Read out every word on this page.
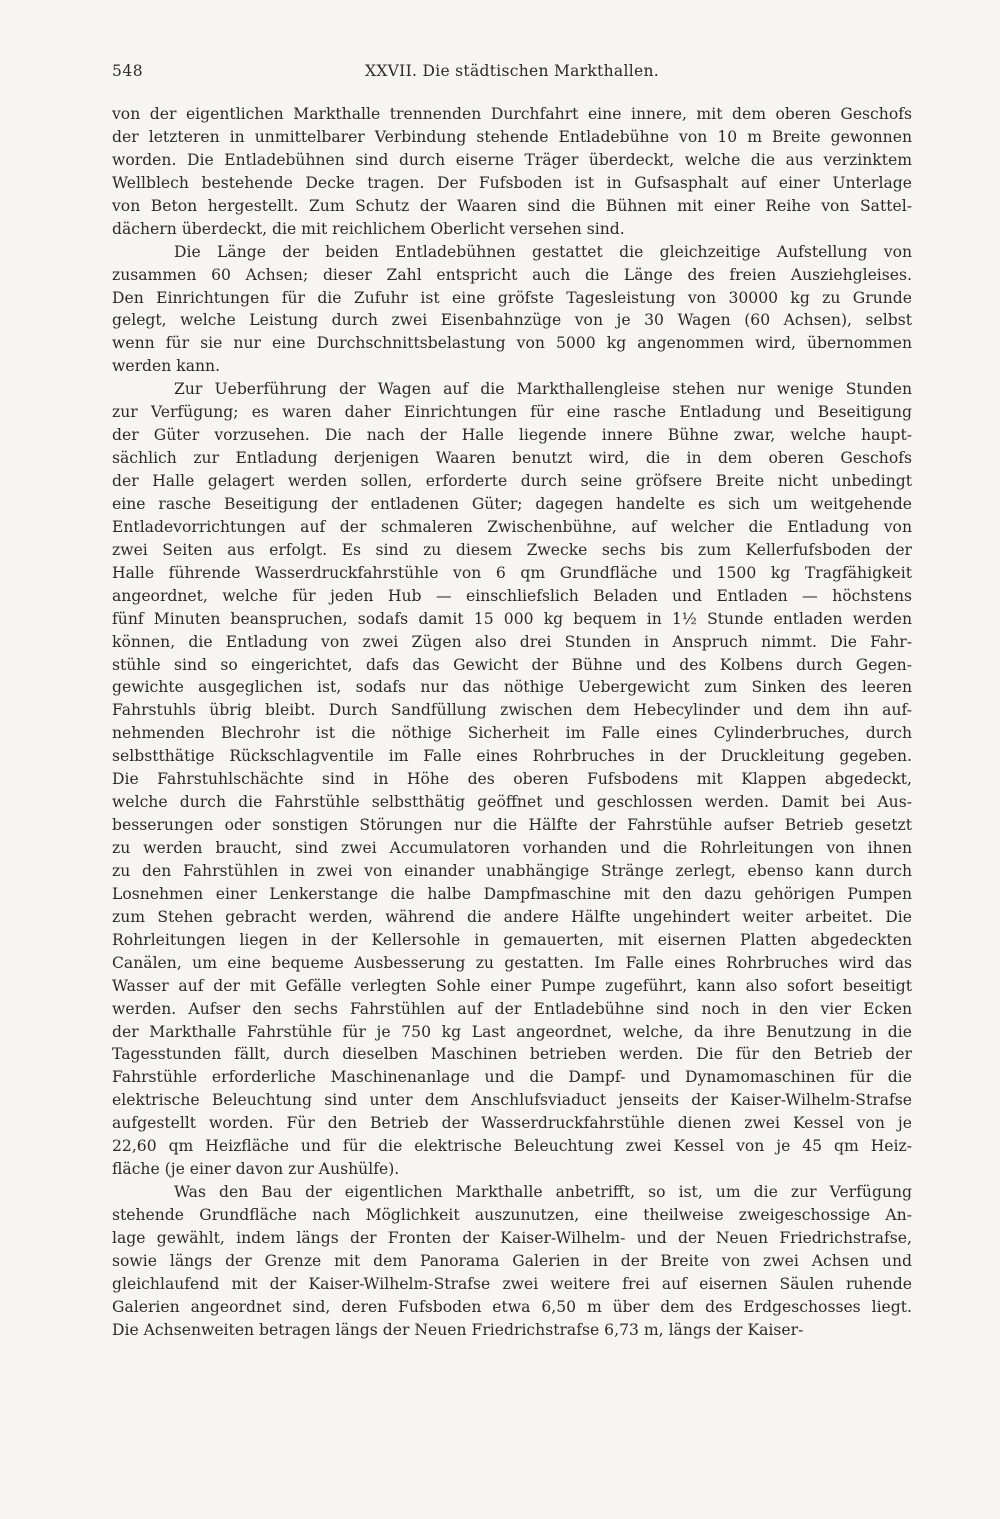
548	XXVII. Die städtischen Markthallen.
von der eigentlichen Markthalle trennenden Durchfahrt eine innere, mit dem oberen Geschofs
der letzteren in unmittelbarer Verbindung stehende Entladebühne von 10 m Breite gewonnen
worden. Die Entladebühnen sind durch eiserne Träger überdeckt, welche die aus verzinktem
Wellblech bestehende Decke tragen. Der Fufsboden ist in Gufsasphalt auf einer Unterlage
von Beton hergestellt. Zum Schutz der Waaren sind die Bühnen mit einer Reihe von Sattel-
dächern überdeckt, die mit reichlichem Oberlicht versehen sind.
Die Länge der beiden Entladebühnen gestattet die gleichzeitige Aufstellung von
zusammen 60 Achsen; dieser Zahl entspricht auch die Länge des freien Ausziehgleises.
Den Einrichtungen für die Zufuhr ist eine gröfste Tagesleistung von 30000 kg zu Grunde
gelegt, welche Leistung durch zwei Eisenbahnzüge von je 30 Wagen (60 Achsen), selbst
wenn für sie nur eine Durchschnittsbelastung von 5000 kg angenommen wird, übernommen
werden kann.
Zur Ueberführung der Wagen auf die Markthallengleise stehen nur wenige Stunden
zur Verfügung; es waren daher Einrichtungen für eine rasche Entladung und Beseitigung
der Güter vorzusehen. Die nach der Halle liegende innere Bühne zwar, welche haupt-
sächlich zur Entladung derjenigen Waaren benutzt wird, die in dem oberen Geschofs
der Halle gelagert werden sollen, erforderte durch seine gröfsere Breite nicht unbedingt
eine rasche Beseitigung der entladenen Güter; dagegen handelte es sich um weitgehende
Entladevorrichtungen auf der schmaleren Zwischenbühne, auf welcher die Entladung von
zwei Seiten aus erfolgt. Es sind zu diesem Zwecke sechs bis zum Kellerfufsboden der
Halle führende Wasserdruckfahrstühle von 6 qm Grundfläche und 1500 kg Tragfähigkeit
angeordnet, welche für jeden Hub — einschliefslich Beladen und Entladen — höchstens
fünf Minuten beanspruchen, sodafs damit 15 000 kg bequem in 1½ Stunde entladen werden
können, die Entladung von zwei Zügen also drei Stunden in Anspruch nimmt. Die Fahr-
stühle sind so eingerichtet, dafs das Gewicht der Bühne und des Kolbens durch Gegen-
gewichte ausgeglichen ist, sodafs nur das nöthige Uebergewicht zum Sinken des leeren
Fahrstuhls übrig bleibt. Durch Sandfüllung zwischen dem Hebecylinder und dem ihn auf-
nehmenden Blechrohr ist die nöthige Sicherheit im Falle eines Cylinderbruches, durch
selbstthätige Rückschlagventile im Falle eines Rohrbruches in der Druckleitung gegeben.
Die Fahrstuhlschächte sind in Höhe des oberen Fufsbodens mit Klappen abgedeckt,
welche durch die Fahrstühle selbstthätig geöffnet und geschlossen werden. Damit bei Aus-
besserungen oder sonstigen Störungen nur die Hälfte der Fahrstühle aufser Betrieb gesetzt
zu werden braucht, sind zwei Accumulatoren vorhanden und die Rohrleitungen von ihnen
zu den Fahrstühlen in zwei von einander unabhängige Stränge zerlegt, ebenso kann durch
Losnehmen einer Lenkerstange die halbe Dampfmaschine mit den dazu gehörigen Pumpen
zum Stehen gebracht werden, während die andere Hälfte ungehindert weiter arbeitet. Die
Rohrleitungen liegen in der Kellersohle in gemauerten, mit eisernen Platten abgedeckten
Canälen, um eine bequeme Ausbesserung zu gestatten. Im Falle eines Rohrbruches wird das
Wasser auf der mit Gefälle verlegten Sohle einer Pumpe zugeführt, kann also sofort beseitigt
werden. Aufser den sechs Fahrstühlen auf der Entladebühne sind noch in den vier Ecken
der Markthalle Fahrstühle für je 750 kg Last angeordnet, welche, da ihre Benutzung in die
Tagesstunden fällt, durch dieselben Maschinen betrieben werden. Die für den Betrieb der
Fahrstühle erforderliche Maschinenanlage und die Dampf- und Dynamomaschinen für die
elektrische Beleuchtung sind unter dem Anschlufsviaduct jenseits der Kaiser-Wilhelm-Strafse
aufgestellt worden. Für den Betrieb der Wasserdruckfahrstühle dienen zwei Kessel von je
22,60 qm Heizfläche und für die elektrische Beleuchtung zwei Kessel von je 45 qm Heiz-
fläche (je einer davon zur Aushülfe).
Was den Bau der eigentlichen Markthalle anbetrifft, so ist, um die zur Verfügung
stehende Grundfläche nach Möglichkeit auszunutzen, eine theilweise zweigeschossige An-
lage gewählt, indem längs der Fronten der Kaiser-Wilhelm- und der Neuen Friedrichstrafse,
sowie längs der Grenze mit dem Panorama Galerien in der Breite von zwei Achsen und
gleichlaufend mit der Kaiser-Wilhelm-Strafse zwei weitere frei auf eisernen Säulen ruhende
Galerien angeordnet sind, deren Fufsboden etwa 6,50 m über dem des Erdgeschosses liegt.
Die Achsenweiten betragen längs der Neuen Friedrichstrafse 6,73 m, längs der Kaiser-
